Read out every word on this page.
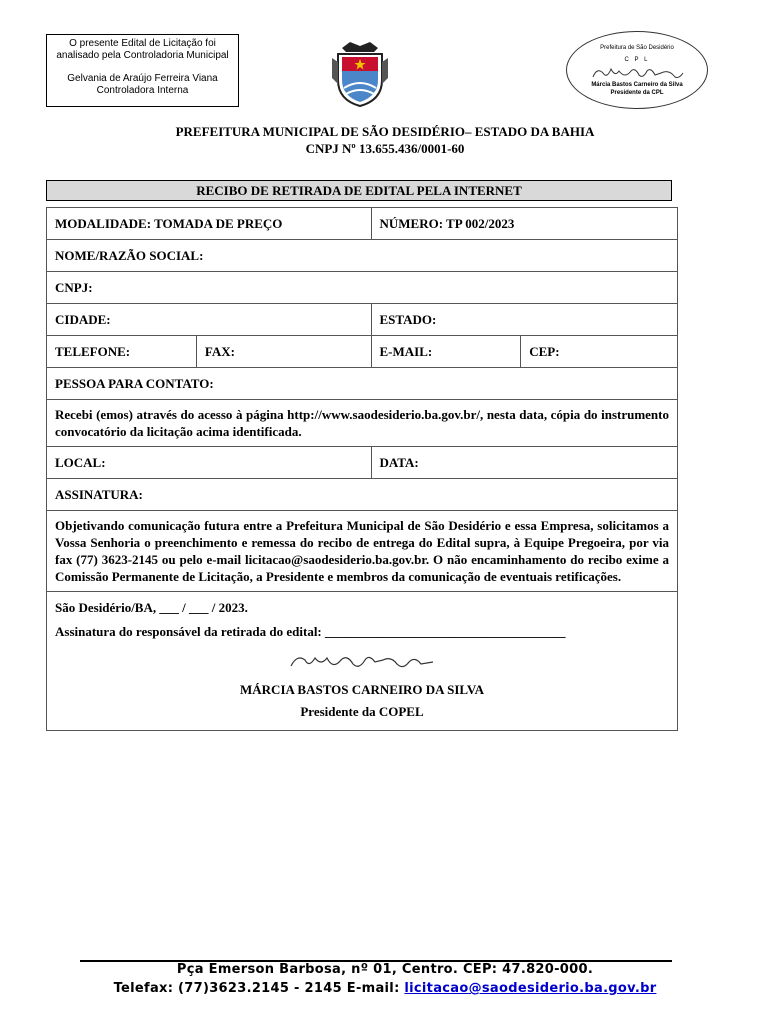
O presente Edital de Licitação foi
analisado pela Controladoria Municipal
Gelvania de Araújo Ferreira Viana
Controladora Interna
Prefeitura de São Desidério
C P L
Márcia Bastos Carneiro da Silva
Presidente da CPL
PREFEITURA MUNICIPAL DE SÃO DESIDÉRIO– ESTADO DA BAHIA
CNPJ Nº 13.655.436/0001-60
RECIBO DE RETIRADA DE EDITAL PELA INTERNET
MODALIDADE: TOMADA DE PREÇO		NÚMERO: TP 002/2023	
NOME/RAZÃO SOCIAL:			
CNPJ:			
CIDADE:		ESTADO:	
TELEFONE:	FAX:	E-MAIL:	CEP:
PESSOA PARA CONTATO:			
Recebi (emos) através do acesso à página http://www.saodesiderio.ba.gov.br/, nesta data, cópia do instrumento convocatório da licitação acima identificada.			
LOCAL:		DATA:	
ASSINATURA:			
Objetivando comunicação futura entre a Prefeitura Municipal de São Desidério e essa Empresa, solicitamos a Vossa Senhoria o preenchimento e remessa do recibo de entrega do Edital supra, à Equipe Pregoeira, por via fax (77) 3623-2145 ou pelo e-mail licitacao@saodesiderio.ba.gov.br. O não encaminhamento do recibo exime a Comissão Permanente de Licitação, a Presidente e membros da comunicação de eventuais retificações.			

São Desidério/BA, ___ / ___ / 2023.
Assinatura do responsável da retirada do edital: _____________________________________
MÁRCIA BASTOS CARNEIRO DA SILVA
Presidente da COPEL			
Pça Emerson Barbosa, nº 01, Centro. CEP: 47.820-000.
Telefax: (77)3623.2145 - 2145 E-mail: licitacao@saodesiderio.ba.gov.br
